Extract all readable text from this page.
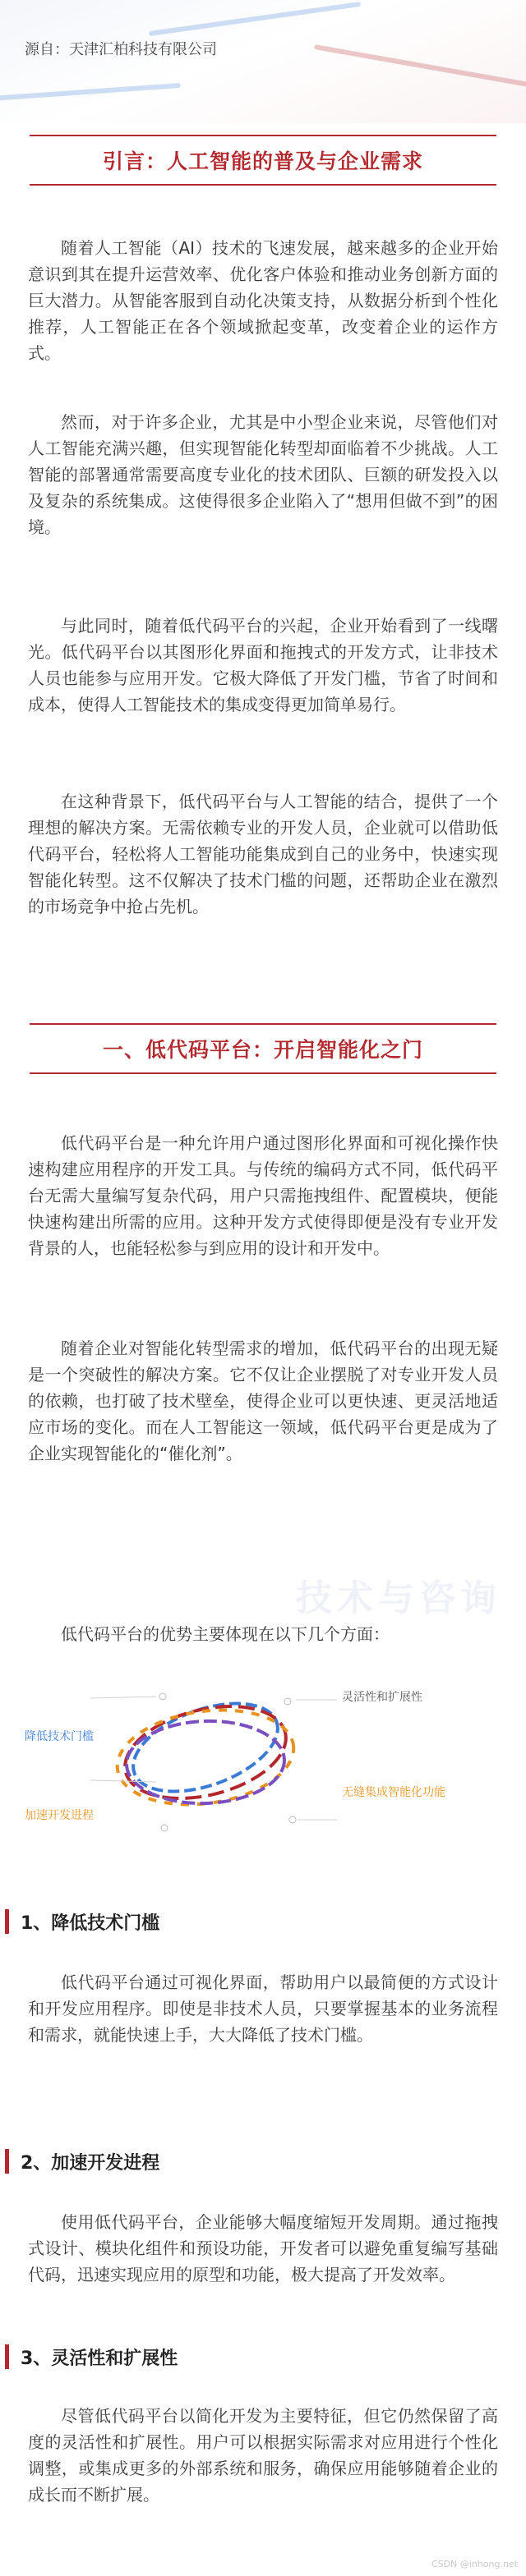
源自：天津汇柏科技有限公司
引言：人工智能的普及与企业需求

随着人工智能（AI）技术的飞速发展，越来越多的企业开始意识到其在提升运营效率、优化客户体验和推动业务创新方面的巨大潜力。从智能客服到自动化决策支持，从数据分析到个性化推荐，人工智能正在各个领域掀起变革，改变着企业的运作方式。

然而，对于许多企业，尤其是中小型企业来说，尽管他们对人工智能充满兴趣，但实现智能化转型却面临着不少挑战。人工智能的部署通常需要高度专业化的技术团队、巨额的研发投入以及复杂的系统集成。这使得很多企业陷入了“想用但做不到”的困境。

与此同时，随着低代码平台的兴起，企业开始看到了一线曙光。低代码平台以其图形化界面和拖拽式的开发方式，让非技术人员也能参与应用开发。它极大降低了开发门槛，节省了时间和成本，使得人工智能技术的集成变得更加简单易行。

在这种背景下，低代码平台与人工智能的结合，提供了一个理想的解决方案。无需依赖专业的开发人员，企业就可以借助低代码平台，轻松将人工智能功能集成到自己的业务中，快速实现智能化转型。这不仅解决了技术门槛的问题，还帮助企业在激烈的市场竞争中抢占先机。

一、低代码平台：开启智能化之门

低代码平台是一种允许用户通过图形化界面和可视化操作快速构建应用程序的开发工具。与传统的编码方式不同，低代码平台无需大量编写复杂代码，用户只需拖拽组件、配置模块，便能快速构建出所需的应用。这种开发方式使得即便是没有专业开发背景的人，也能轻松参与到应用的设计和开发中。

随着企业对智能化转型需求的增加，低代码平台的出现无疑是一个突破性的解决方案。它不仅让企业摆脱了对专业开发人员的依赖，也打破了技术壁垒，使得企业可以更快速、更灵活地适应市场的变化。而在人工智能这一领域，低代码平台更是成为了企业实现智能化的“催化剂”。

低代码平台的优势主要体现在以下几个方面：

技术与咨询
降低技术门槛
加速开发进程
灵活性和扩展性
无缝集成智能化功能
1、降低技术门槛

低代码平台通过可视化界面，帮助用户以最简便的方式设计和开发应用程序。即使是非技术人员，只要掌握基本的业务流程和需求，就能快速上手，大大降低了技术门槛。

2、加速开发进程

使用低代码平台，企业能够大幅度缩短开发周期。通过拖拽式设计、模块化组件和预设功能，开发者可以避免重复编写基础代码，迅速实现应用的原型和功能，极大提高了开发效率。

3、灵活性和扩展性

尽管低代码平台以简化开发为主要特征，但它仍然保留了高度的灵活性和扩展性。用户可以根据实际需求对应用进行个性化调整，或集成更多的外部系统和服务，确保应用能够随着企业的成长而不断扩展。

CSDN @inhong.net
